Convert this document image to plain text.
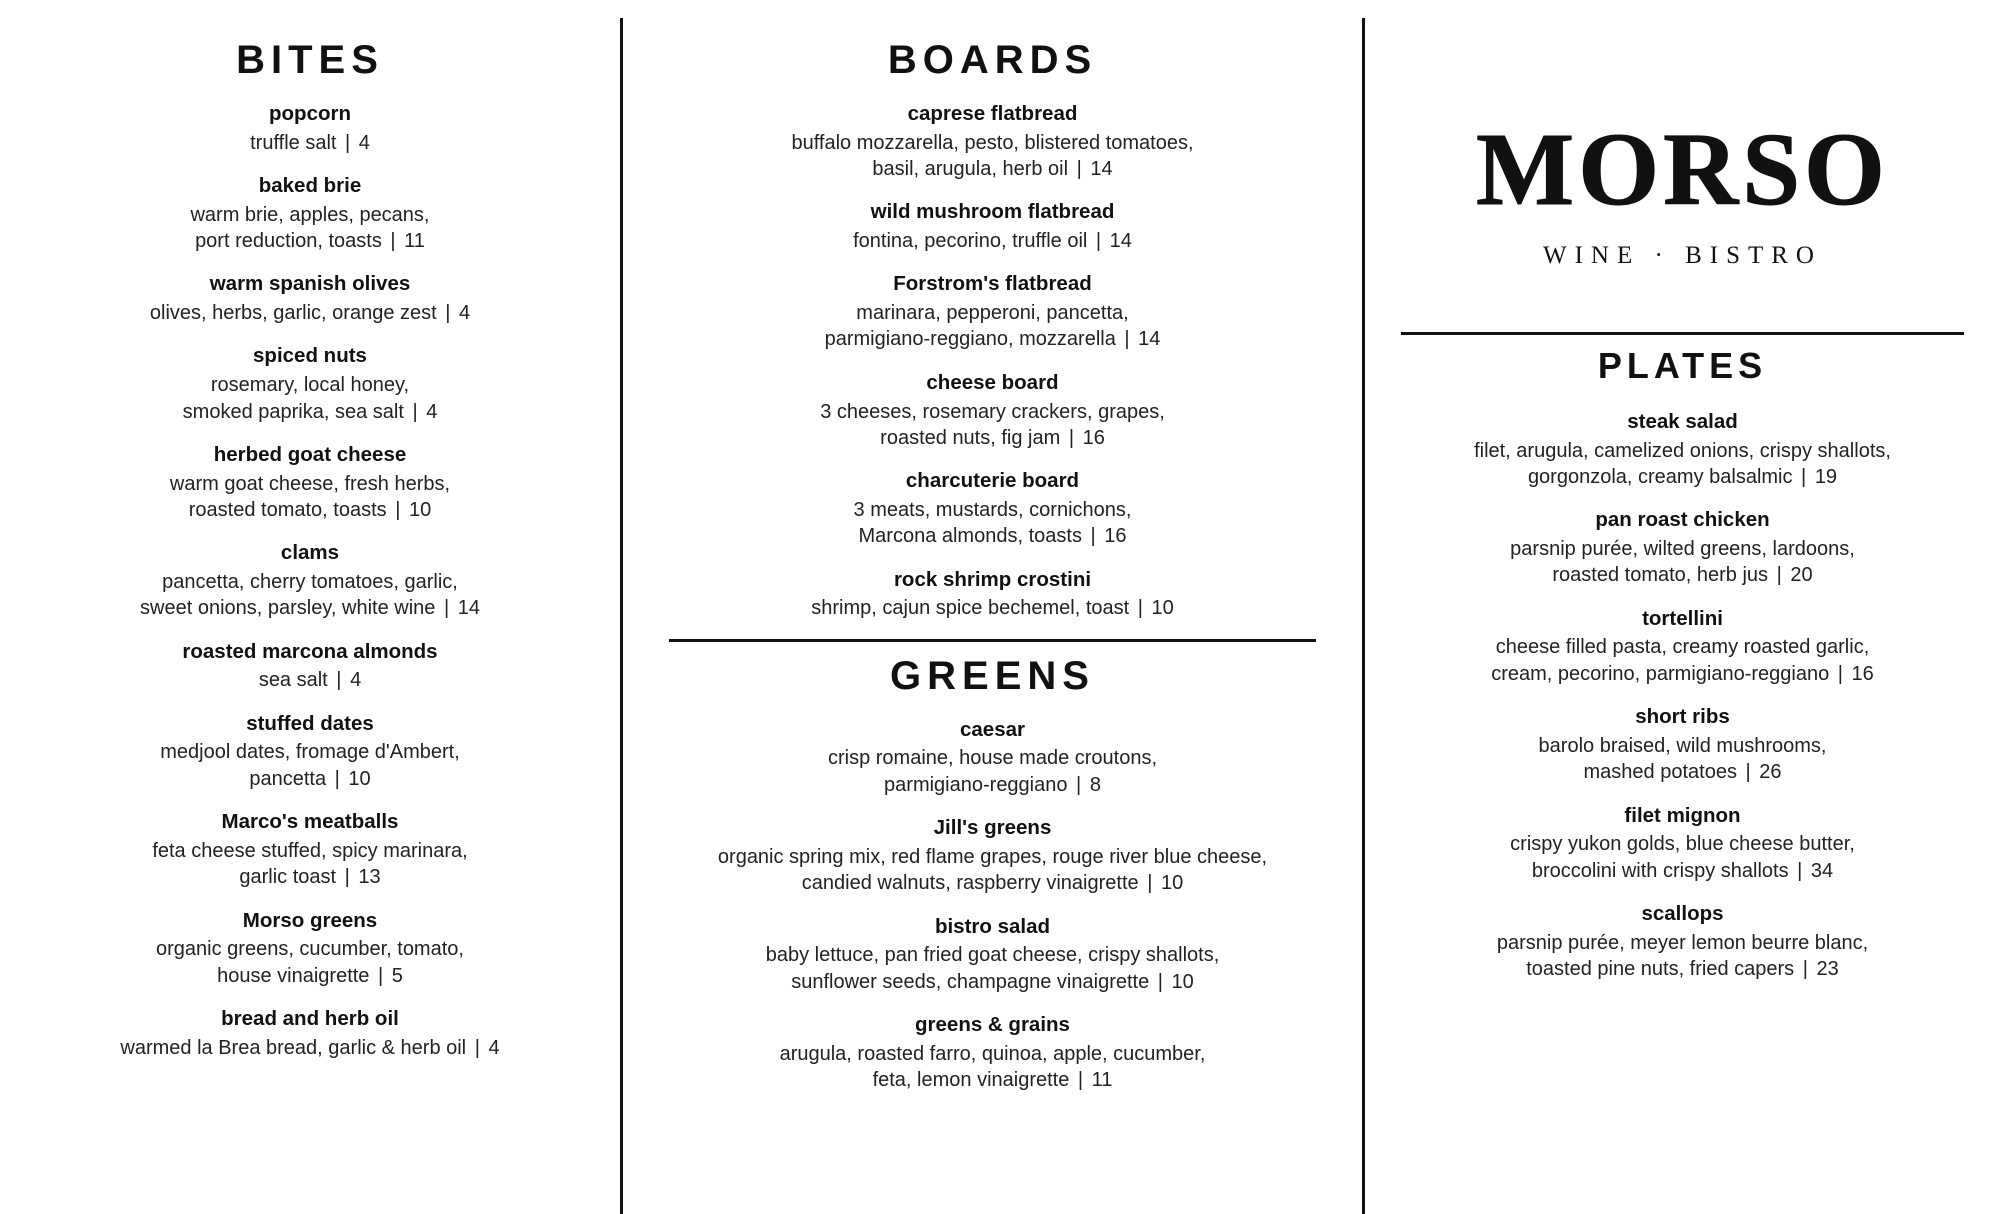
BITES
popcorn
truffle salt | 4
baked brie
warm brie, apples, pecans,
port reduction, toasts | 11
warm spanish olives
olives, herbs, garlic, orange zest | 4
spiced nuts
rosemary, local honey,
smoked paprika, sea salt | 4
herbed goat cheese
warm goat cheese, fresh herbs,
roasted tomato, toasts | 10
clams
pancetta, cherry tomatoes, garlic,
sweet onions, parsley, white wine | 14
roasted marcona almonds
sea salt | 4
stuffed dates
medjool dates, fromage d'Ambert,
pancetta | 10
Marco's meatballs
feta cheese stuffed, spicy marinara,
garlic toast | 13
Morso greens
organic greens, cucumber, tomato,
house vinaigrette | 5
bread and herb oil
warmed la Brea bread, garlic & herb oil | 4
BOARDS
caprese flatbread
buffalo mozzarella, pesto, blistered tomatoes,
basil, arugula, herb oil | 14
wild mushroom flatbread
fontina, pecorino, truffle oil | 14
Forstrom's flatbread
marinara, pepperoni, pancetta,
parmigiano-reggiano, mozzarella | 14
cheese board
3 cheeses, rosemary crackers, grapes,
roasted nuts, fig jam | 16
charcuterie board
3 meats, mustards, cornichons,
Marcona almonds, toasts | 16
rock shrimp crostini
shrimp, cajun spice bechemel, toast | 10
GREENS
caesar
crisp romaine, house made croutons,
parmigiano-reggiano | 8
Jill's greens
organic spring mix, red flame grapes, rouge river blue cheese,
candied walnuts, raspberry vinaigrette | 10
bistro salad
baby lettuce, pan fried goat cheese, crispy shallots,
sunflower seeds, champagne vinaigrette | 10
greens & grains
arugula, roasted farro, quinoa, apple, cucumber,
feta, lemon vinaigrette | 11
MORSO
WINE · BISTRO
PLATES
steak salad
filet, arugula, camelized onions, crispy shallots,
gorgonzola, creamy balsalmic | 19
pan roast chicken
parsnip purée, wilted greens, lardoons,
roasted tomato, herb jus | 20
tortellini
cheese filled pasta, creamy roasted garlic,
cream, pecorino, parmigiano-reggiano | 16
short ribs
barolo braised, wild mushrooms,
mashed potatoes | 26
filet mignon
crispy yukon golds, blue cheese butter,
broccolini with crispy shallots | 34
scallops
parsnip purée, meyer lemon beurre blanc,
toasted pine nuts, fried capers | 23
